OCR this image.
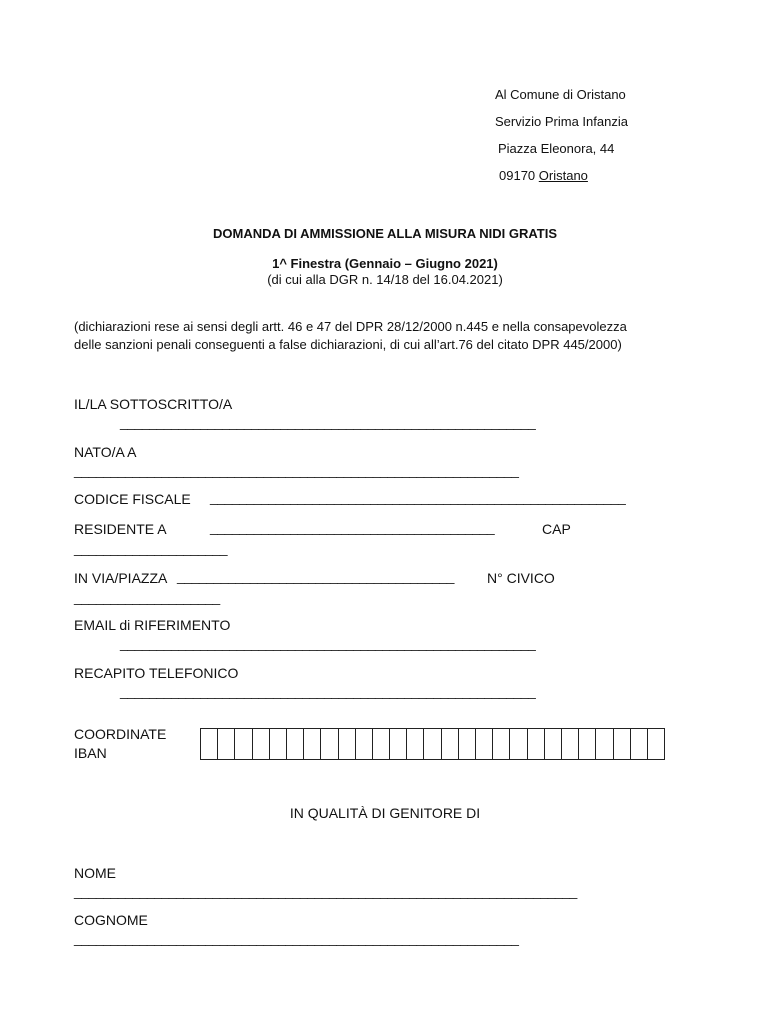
Al Comune di Oristano
Servizio Prima Infanzia
Piazza Eleonora, 44
09170 Oristano
DOMANDA DI AMMISSIONE ALLA MISURA NIDI GRATIS
1^ Finestra (Gennaio – Giugno 2021)
(di cui alla DGR n. 14/18 del 16.04.2021)
(dichiarazioni rese ai sensi degli artt. 46 e 47 del DPR 28/12/2000 n.445 e nella consapevolezza
delle sanzioni penali conseguenti a false dichiarazioni, di cui all’art.76 del citato DPR 445/2000)
IL/LA SOTTOSCRITTO/A
_________________________________________________________
NATO/A A
_____________________________________________________________
CODICE FISCALE _________________________________________________________
RESIDENTE A	_______________________________________	CAP
_____________________
IN VIA/PIAZZA ______________________________________ N° CIVICO
____________________
EMAIL di RIFERIMENTO
_________________________________________________________
RECAPITO TELEFONICO
_________________________________________________________
COORDINATE
IBAN
IN QUALITÀ DI GENITORE DI
NOME
_____________________________________________________________________
COGNOME
_____________________________________________________________
